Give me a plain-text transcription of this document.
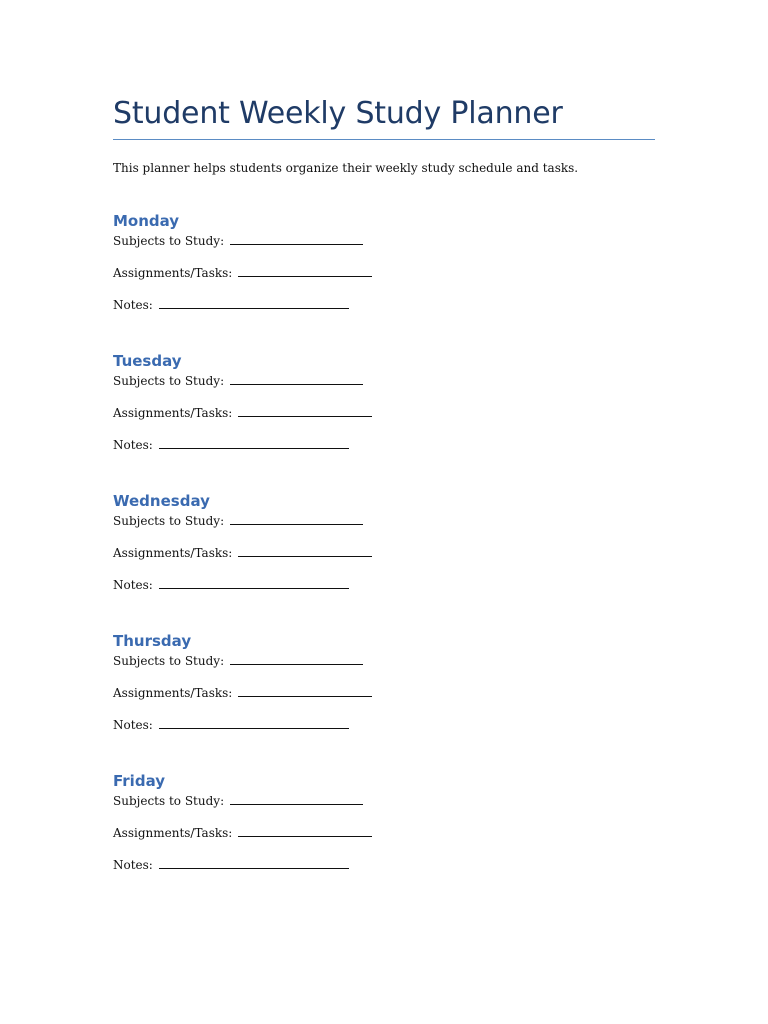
Student Weekly Study Planner

This planner helps students organize their weekly study schedule and tasks.

Monday

Subjects to Study:

Assignments/Tasks:

Notes:

Tuesday

Subjects to Study:

Assignments/Tasks:

Notes:

Wednesday

Subjects to Study:

Assignments/Tasks:

Notes:

Thursday

Subjects to Study:

Assignments/Tasks:

Notes:

Friday

Subjects to Study:

Assignments/Tasks:

Notes:
